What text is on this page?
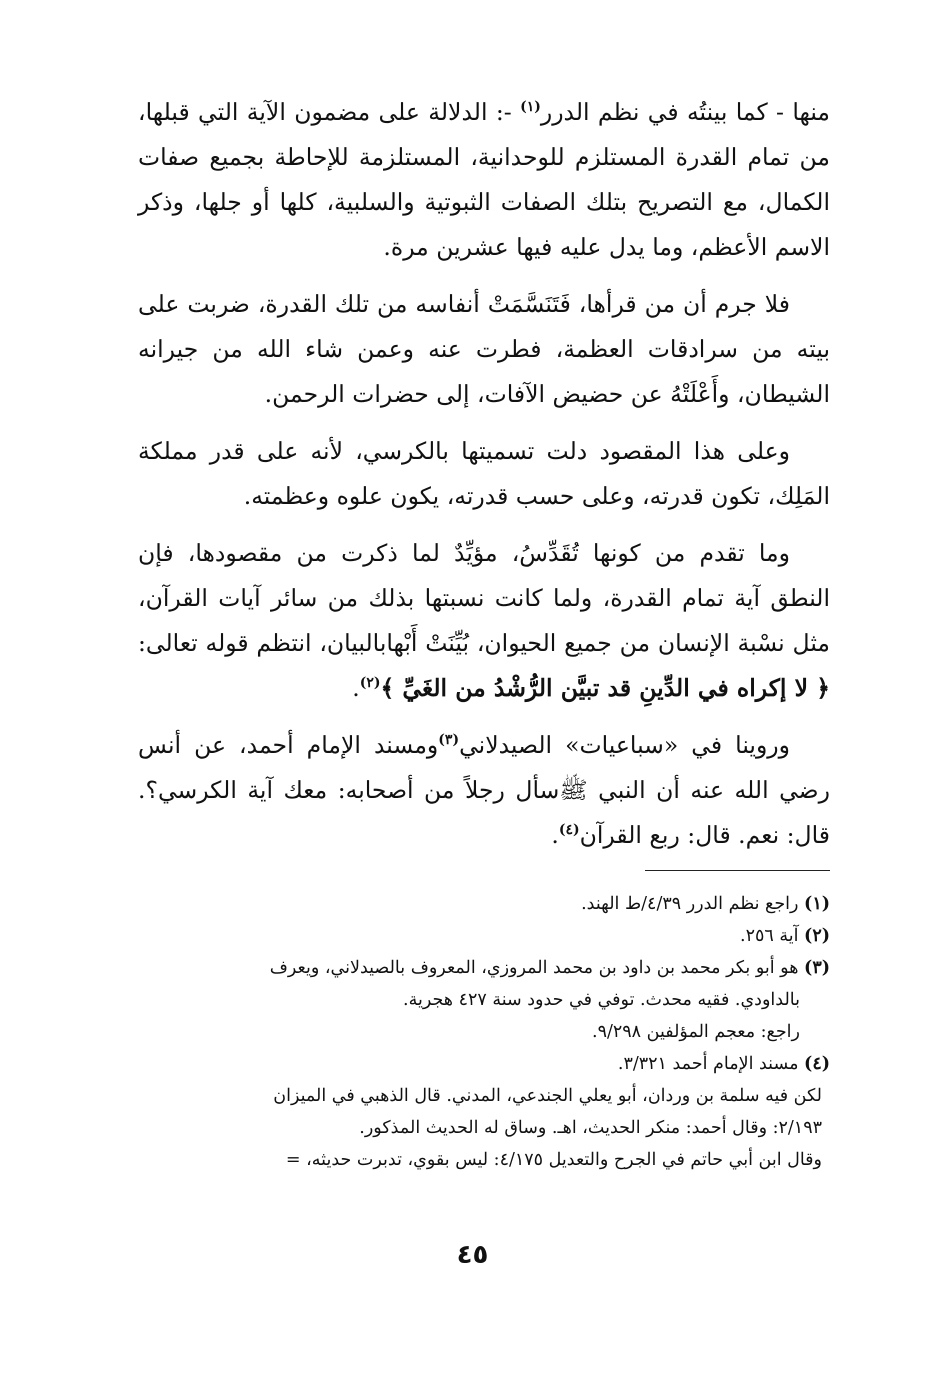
منها - كما بينتُه في نظم الدرر$^{(١)}$ -: الدلالة على مضمون الآية التي قبلها، من تمام القدرة المستلزم للوحدانية، المستلزمة للإحاطة بجميع صفات الكمال، مع التصريح بتلك الصفات الثبوتية والسلبية، كلها أو جلها، وذكر الاسم الأعظم، وما يدل عليه فيها عشرين مرة.

فلا جرم أن من قرأها، فَتَنَسَّمَتْ أنفاسه من تلك القدرة، ضربت على بيته من سرادقات العظمة، فطرت عنه وعمن شاء الله من جيرانه الشيطان، وأَعْلَتْهُ عن حضيض الآفات، إلى حضرات الرحمن.

وعلى هذا المقصود دلت تسميتها بالكرسي، لأنه على قدر مملكة المَلِك، تكون قدرته، وعلى حسب قدرته، يكون علوه وعظمته.

وما تقدم من كونها تُقَدِّسُ، مؤيِّدٌ لما ذكرت من مقصودها، فإن النطق آية تمام القدرة، ولما كانت نسبتها بذلك من سائر آيات القرآن، مثل نسْبة الإنسان من جميع الحيوان، بُيِّنَتْ أَبْهابالبيان، انتظم قوله تعالى: ﴿ لا إكراه في الدِّينِ قد تبيَّن الرُّشْدُ من الغَيِّ ﴾$^{(٢)}$.

وروينا في «سباعيات» الصيدلاني$^{(٣)}$ومسند الإمام أحمد، عن أنس رضي الله عنه أن النبي ﷺسأل رجلاً من أصحابه: معك آية الكرسي؟. قال: نعم. قال: ربع القرآن$^{(٤)}$.

(١) راجع نظم الدرر ٤/٣٩/ط الهند.

(٢) آية ٢٥٦.

(٣) هو أبو بكر محمد بن داود بن محمد المروزي، المعروف بالصيدلاني، ويعرف

بالداودي. فقيه محدث. توفي في حدود سنة ٤٢٧ هجرية.

راجع: معجم المؤلفين ٩/٢٩٨.

(٤) مسند الإمام أحمد ٣/٣٢١.

لكن فيه سلمة بن وردان، أبو يعلي الجندعي، المدني. قال الذهبي في الميزان

٢/١٩٣: وقال أحمد: منكر الحديث، اهـ. وساق له الحديث المذكور.

وقال ابن أبي حاتم في الجرح والتعديل ٤/١٧٥: ليس بقوي، تدبرت حديثه، =

٤٥
